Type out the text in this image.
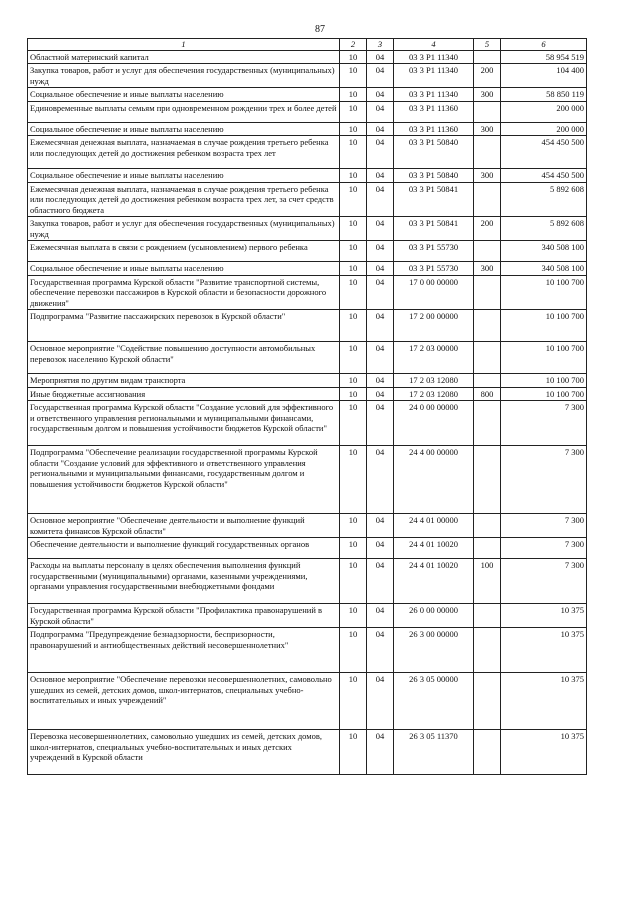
87
1	2	3	4	5	6
Областной материнский капитал	10	04	03 3 P1 11340		58 954 519
Закупка товаров, работ и услуг для обеспечения государственных (муниципальных) нужд	10	04	03 3 P1 11340	200	104 400
Социальное обеспечение и иные выплаты населению	10	04	03 3 P1 11340	300	58 850 119
Единовременные выплаты семьям при одновременном рождении трех и более детей	10	04	03 3 P1 11360		200 000
Социальное обеспечение и иные выплаты населению	10	04	03 3 P1 11360	300	200 000
Ежемесячная денежная выплата, назначаемая в случае рождения третьего ребенка или последующих детей до достижения ребенком возраста трех лет	10	04	03 3 P1 50840		454 450 500
Социальное обеспечение и иные выплаты населению	10	04	03 3 P1 50840	300	454 450 500
Ежемесячная денежная выплата, назначаемая в случае рождения третьего ребенка или последующих детей до достижения ребенком возраста трех лет, за счет средств областного бюджета	10	04	03 3 P1 50841		5 892 608
Закупка товаров, работ и услуг для обеспечения государственных (муниципальных) нужд	10	04	03 3 P1 50841	200	5 892 608
Ежемесячная выплата в связи с рождением (усыновлением) первого ребенка	10	04	03 3 P1 55730		340 508 100
Социальное обеспечение и иные выплаты населению	10	04	03 3 P1 55730	300	340 508 100
Государственная программа Курской области "Развитие транспортной системы, обеспечение перевозки пассажиров в Курской области и безопасности дорожного движения"	10	04	17 0 00 00000		10 100 700
Подпрограмма "Развитие пассажирских перевозок в Курской области"	10	04	17 2 00 00000		10 100 700
Основное мероприятие "Содействие повышению доступности автомобильных перевозок населению Курской области"	10	04	17 2 03 00000		10 100 700
Мероприятия по другим видам транспорта	10	04	17 2 03 12080		10 100 700
Иные бюджетные ассигнования	10	04	17 2 03 12080	800	10 100 700
Государственная программа Курской области "Создание условий для эффективного и ответственного управления региональными и муниципальными финансами, государственным долгом и повышения устойчивости бюджетов Курской области"	10	04	24 0 00 00000		7 300
Подпрограмма "Обеспечение реализации государственной программы Курской области "Создание условий для эффективного и ответственного управления региональными и муниципальными финансами, государственным долгом и повышения устойчивости бюджетов Курской области"	10	04	24 4 00 00000		7 300
Основное мероприятие "Обеспечение деятельности и выполнение функций комитета финансов Курской области"	10	04	24 4 01 00000		7 300
Обеспечение деятельности и выполнение функций государственных органов	10	04	24 4 01 10020		7 300
Расходы на выплаты персоналу в целях обеспечения выполнения функций государственными (муниципальными) органами, казенными учреждениями, органами управления государственными внебюджетными фондами	10	04	24 4 01 10020	100	7 300
Государственная программа Курской области "Профилактика правонарушений в Курской области"	10	04	26 0 00 00000		10 375
Подпрограмма "Предупреждение безнадзорности, беспризорности, правонарушений и антиобщественных действий несовершеннолетних"	10	04	26 3 00 00000		10 375
Основное мероприятие "Обеспечение перевозки несовершеннолетних, самовольно ушедших из семей, детских домов, школ-интернатов, специальных учебно-воспитательных и иных учреждений"	10	04	26 3 05 00000		10 375
Перевозка несовершеннолетних, самовольно ушедших из семей, детских домов, школ-интернатов, специальных учебно-воспитательных и иных детских учреждений в Курской области	10	04	26 3 05 11370		10 375
